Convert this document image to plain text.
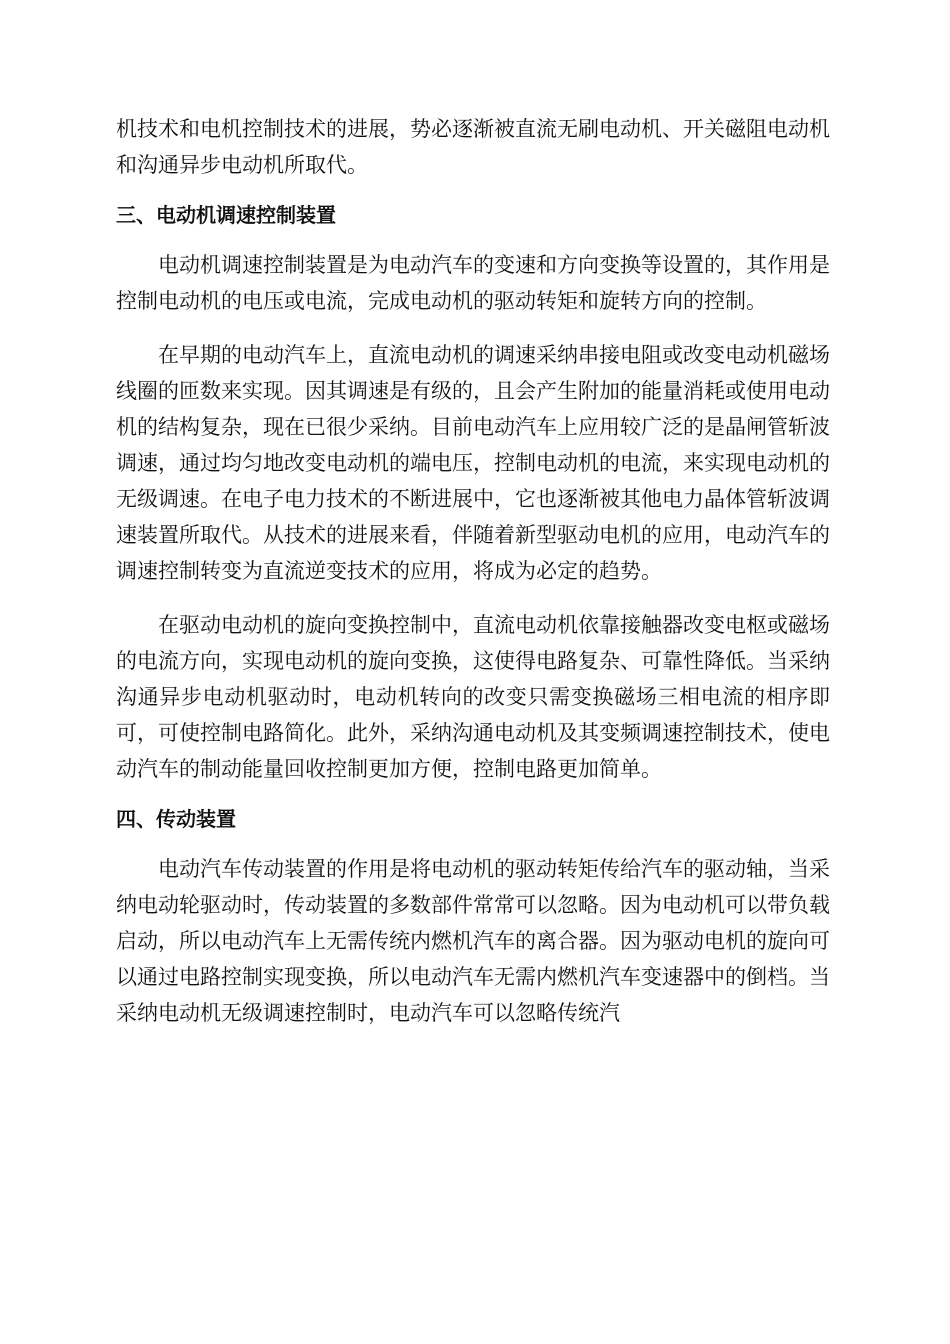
机技术和电机控制技术的进展，势必逐渐被直流无刷电动机、开关磁阻电动机和沟通异步电动机所取代。

三、电动机调速控制装置

电动机调速控制装置是为电动汽车的变速和方向变换等设置的，其作用是控制电动机的电压或电流，完成电动机的驱动转矩和旋转方向的控制。

在早期的电动汽车上，直流电动机的调速采纳串接电阻或改变电动机磁场线圈的匝数来实现。因其调速是有级的，且会产生附加的能量消耗或使用电动机的结构复杂，现在已很少采纳。目前电动汽车上应用较广泛的是晶闸管斩波调速，通过均匀地改变电动机的端电压，控制电动机的电流，来实现电动机的无级调速。在电子电力技术的不断进展中，它也逐渐被其他电力晶体管斩波调速装置所取代。从技术的进展来看，伴随着新型驱动电机的应用，电动汽车的调速控制转变为直流逆变技术的应用，将成为必定的趋势。

在驱动电动机的旋向变换控制中，直流电动机依靠接触器改变电枢或磁场的电流方向，实现电动机的旋向变换，这使得电路复杂、可靠性降低。当采纳沟通异步电动机驱动时，电动机转向的改变只需变换磁场三相电流的相序即可，可使控制电路简化。此外，采纳沟通电动机及其变频调速控制技术，使电动汽车的制动能量回收控制更加方便，控制电路更加简单。

四、传动装置

电动汽车传动装置的作用是将电动机的驱动转矩传给汽车的驱动轴，当采纳电动轮驱动时，传动装置的多数部件常常可以忽略。因为电动机可以带负载启动，所以电动汽车上无需传统内燃机汽车的离合器。因为驱动电机的旋向可以通过电路控制实现变换，所以电动汽车无需内燃机汽车变速器中的倒档。当采纳电动机无级调速控制时，电动汽车可以忽略传统汽
